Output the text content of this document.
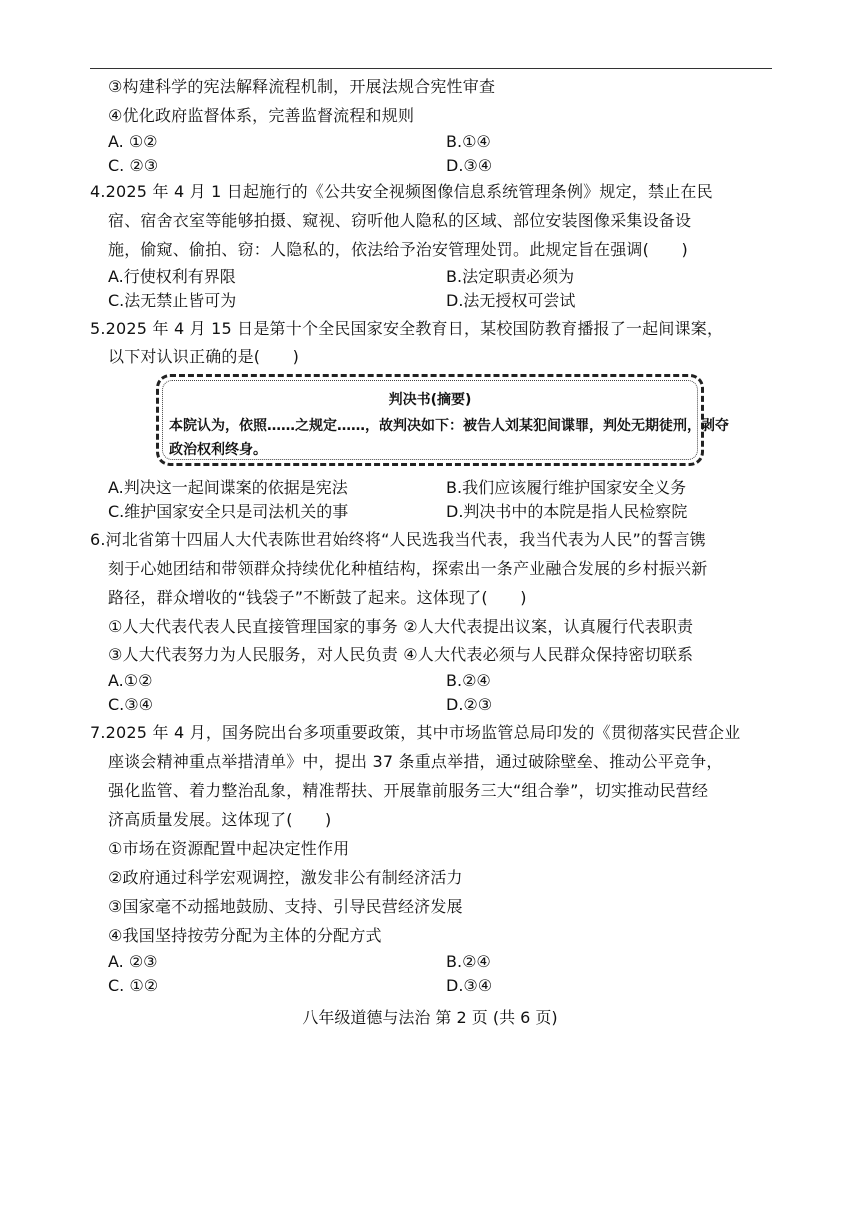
③构建科学的宪法解释流程机制，开展法规合宪性审查
④优化政府监督体系，完善监督流程和规则
A. ①②	B.①④
C. ②③	D.③④
4.2025 年 4 月 1 日起施行的《公共安全视频图像信息系统管理条例》规定，禁止在民
宿、宿舍衣室等能够拍摄、窥视、窃听他人隐私的区域、部位安装图像采集设备设
施，偷窥、偷拍、窃：人隐私的，依法给予治安管理处罚。此规定旨在强调(　　)
A.行使权利有界限	B.法定职责必须为
C.法无禁止皆可为	D.法无授权可尝试
5.2025 年 4 月 15 日是第十个全民国家安全教育日，某校国防教育播报了一起间课案，
以下对认识正确的是(　　)
判决书(摘要)
本院认为，依照……之规定……，故判决如下：被告人刘某犯间谍罪，判处无期徒刑，剥夺
政治权利终身。
A.判决这一起间谍案的依据是宪法	B.我们应该履行维护国家安全义务
C.维护国家安全只是司法机关的事	D.判决书中的本院是指人民检察院
6.河北省第十四届人大代表陈世君始终将“人民选我当代表，我当代表为人民”的誓言镌
刻于心她团结和带领群众持续优化种植结构，探索出一条产业融合发展的乡村振兴新
路径，群众增收的“钱袋子”不断鼓了起来。这体现了(　　)
①人大代表代表人民直接管理国家的事务 ②人大代表提出议案，认真履行代表职责
③人大代表努力为人民服务，对人民负责 ④人大代表必须与人民群众保持密切联系
A.①②	B.②④
C.③④	D.②③
7.2025 年 4 月，国务院出台多项重要政策，其中市场监管总局印发的《贯彻落实民营企业
座谈会精神重点举措清单》中，提出 37 条重点举措，通过破除壁垒、推动公平竞争，
强化监管、着力整治乱象，精准帮扶、开展靠前服务三大“组合拳”，切实推动民营经
济高质量发展。这体现了(　　)
①市场在资源配置中起决定性作用
②政府通过科学宏观调控，激发非公有制经济活力
③国家毫不动摇地鼓励、支持、引导民营经济发展
④我国坚持按劳分配为主体的分配方式
A. ②③	B.②④
C. ①②	D.③④
八年级道德与法治 第 2 页 (共 6 页)
